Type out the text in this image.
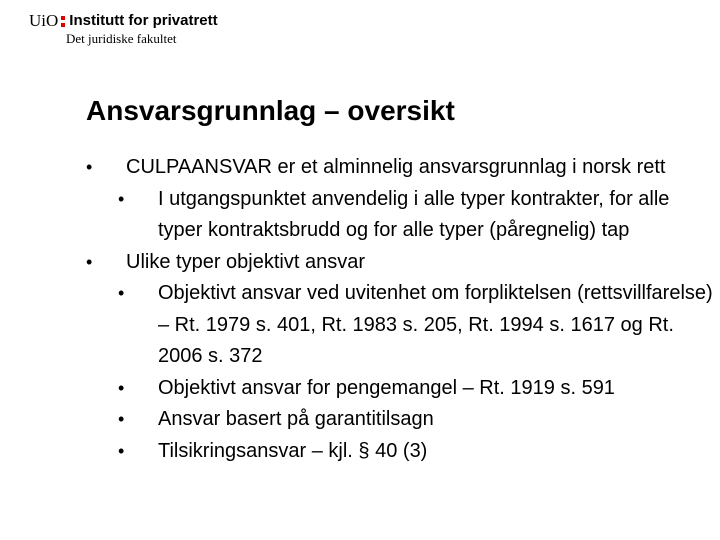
UiO Institutt for privatrett
Det juridiske fakultet
Ansvarsgrunnlag – oversikt
• CULPAANSVAR er et alminnelig ansvarsgrunnlag i norsk rett
• I utgangspunktet anvendelig i alle typer kontrakter, for alle typer kontraktsbrudd og for alle typer (påregnelig) tap
• Ulike typer objektivt ansvar
• Objektivt ansvar ved uvitenhet om forpliktelsen (rettsvillfarelse) – Rt. 1979 s. 401, Rt. 1983 s. 205, Rt. 1994 s. 1617 og Rt. 2006 s. 372
• Objektivt ansvar for pengemangel – Rt. 1919 s. 591
• Ansvar basert på garantitilsagn
• Tilsikringsansvar – kjl. § 40 (3)
